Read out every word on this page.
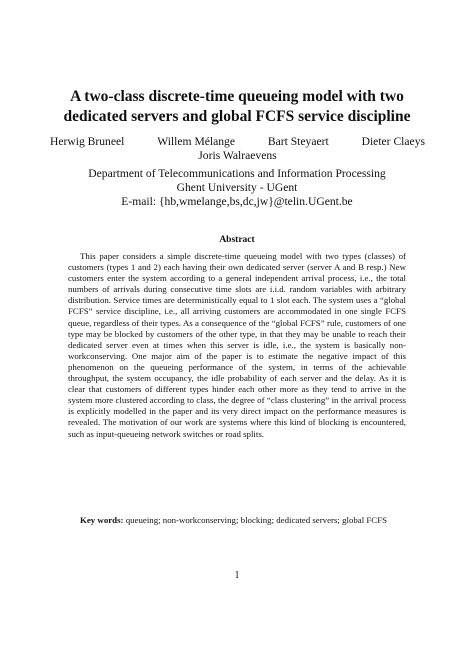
A two-class discrete-time queueing model with two
dedicated servers and global FCFS service discipline
Herwig Bruneel	Willem Mélange	Bart Steyaert	Dieter Claeys
Joris Walraevens
Department of Telecommunications and Information Processing
Ghent University - UGent
E-mail: {hb,wmelange,bs,dc,jw}@telin.UGent.be
Abstract

This paper considers a simple discrete-time queueing model with two types (classes) of customers (types 1 and 2) each having their own dedicated server (server A and B resp.) New customers enter the system according to a general independent arrival process, i.e., the total numbers of arrivals during consecutive time slots are i.i.d. random variables with arbitrary distribution. Service times are deterministically equal to 1 slot each. The system uses a “global FCFS” service discipline, i.e., all arriving customers are accommodated in one single FCFS queue, regardless of their types. As a consequence of the “global FCFS” rule, customers of one type may be blocked by customers of the other type, in that they may be unable to reach their dedicated server even at times when this server is idle, i.e., the system is basically non-workconserving. One major aim of the paper is to estimate the negative impact of this phenomenon on the queueing performance of the system, in terms of the achievable throughput, the system occupancy, the idle probability of each server and the delay. As it is clear that customers of different types hinder each other more as they tend to arrive in the system more clustered according to class, the degree of “class clustering” in the arrival process is explicitly modelled in the paper and its very direct impact on the performance measures is revealed. The motivation of our work are systems where this kind of blocking is encountered, such as input-queueing network switches or road splits.

Key words: queueing; non-workconserving; blocking; dedicated servers; global FCFS

1
